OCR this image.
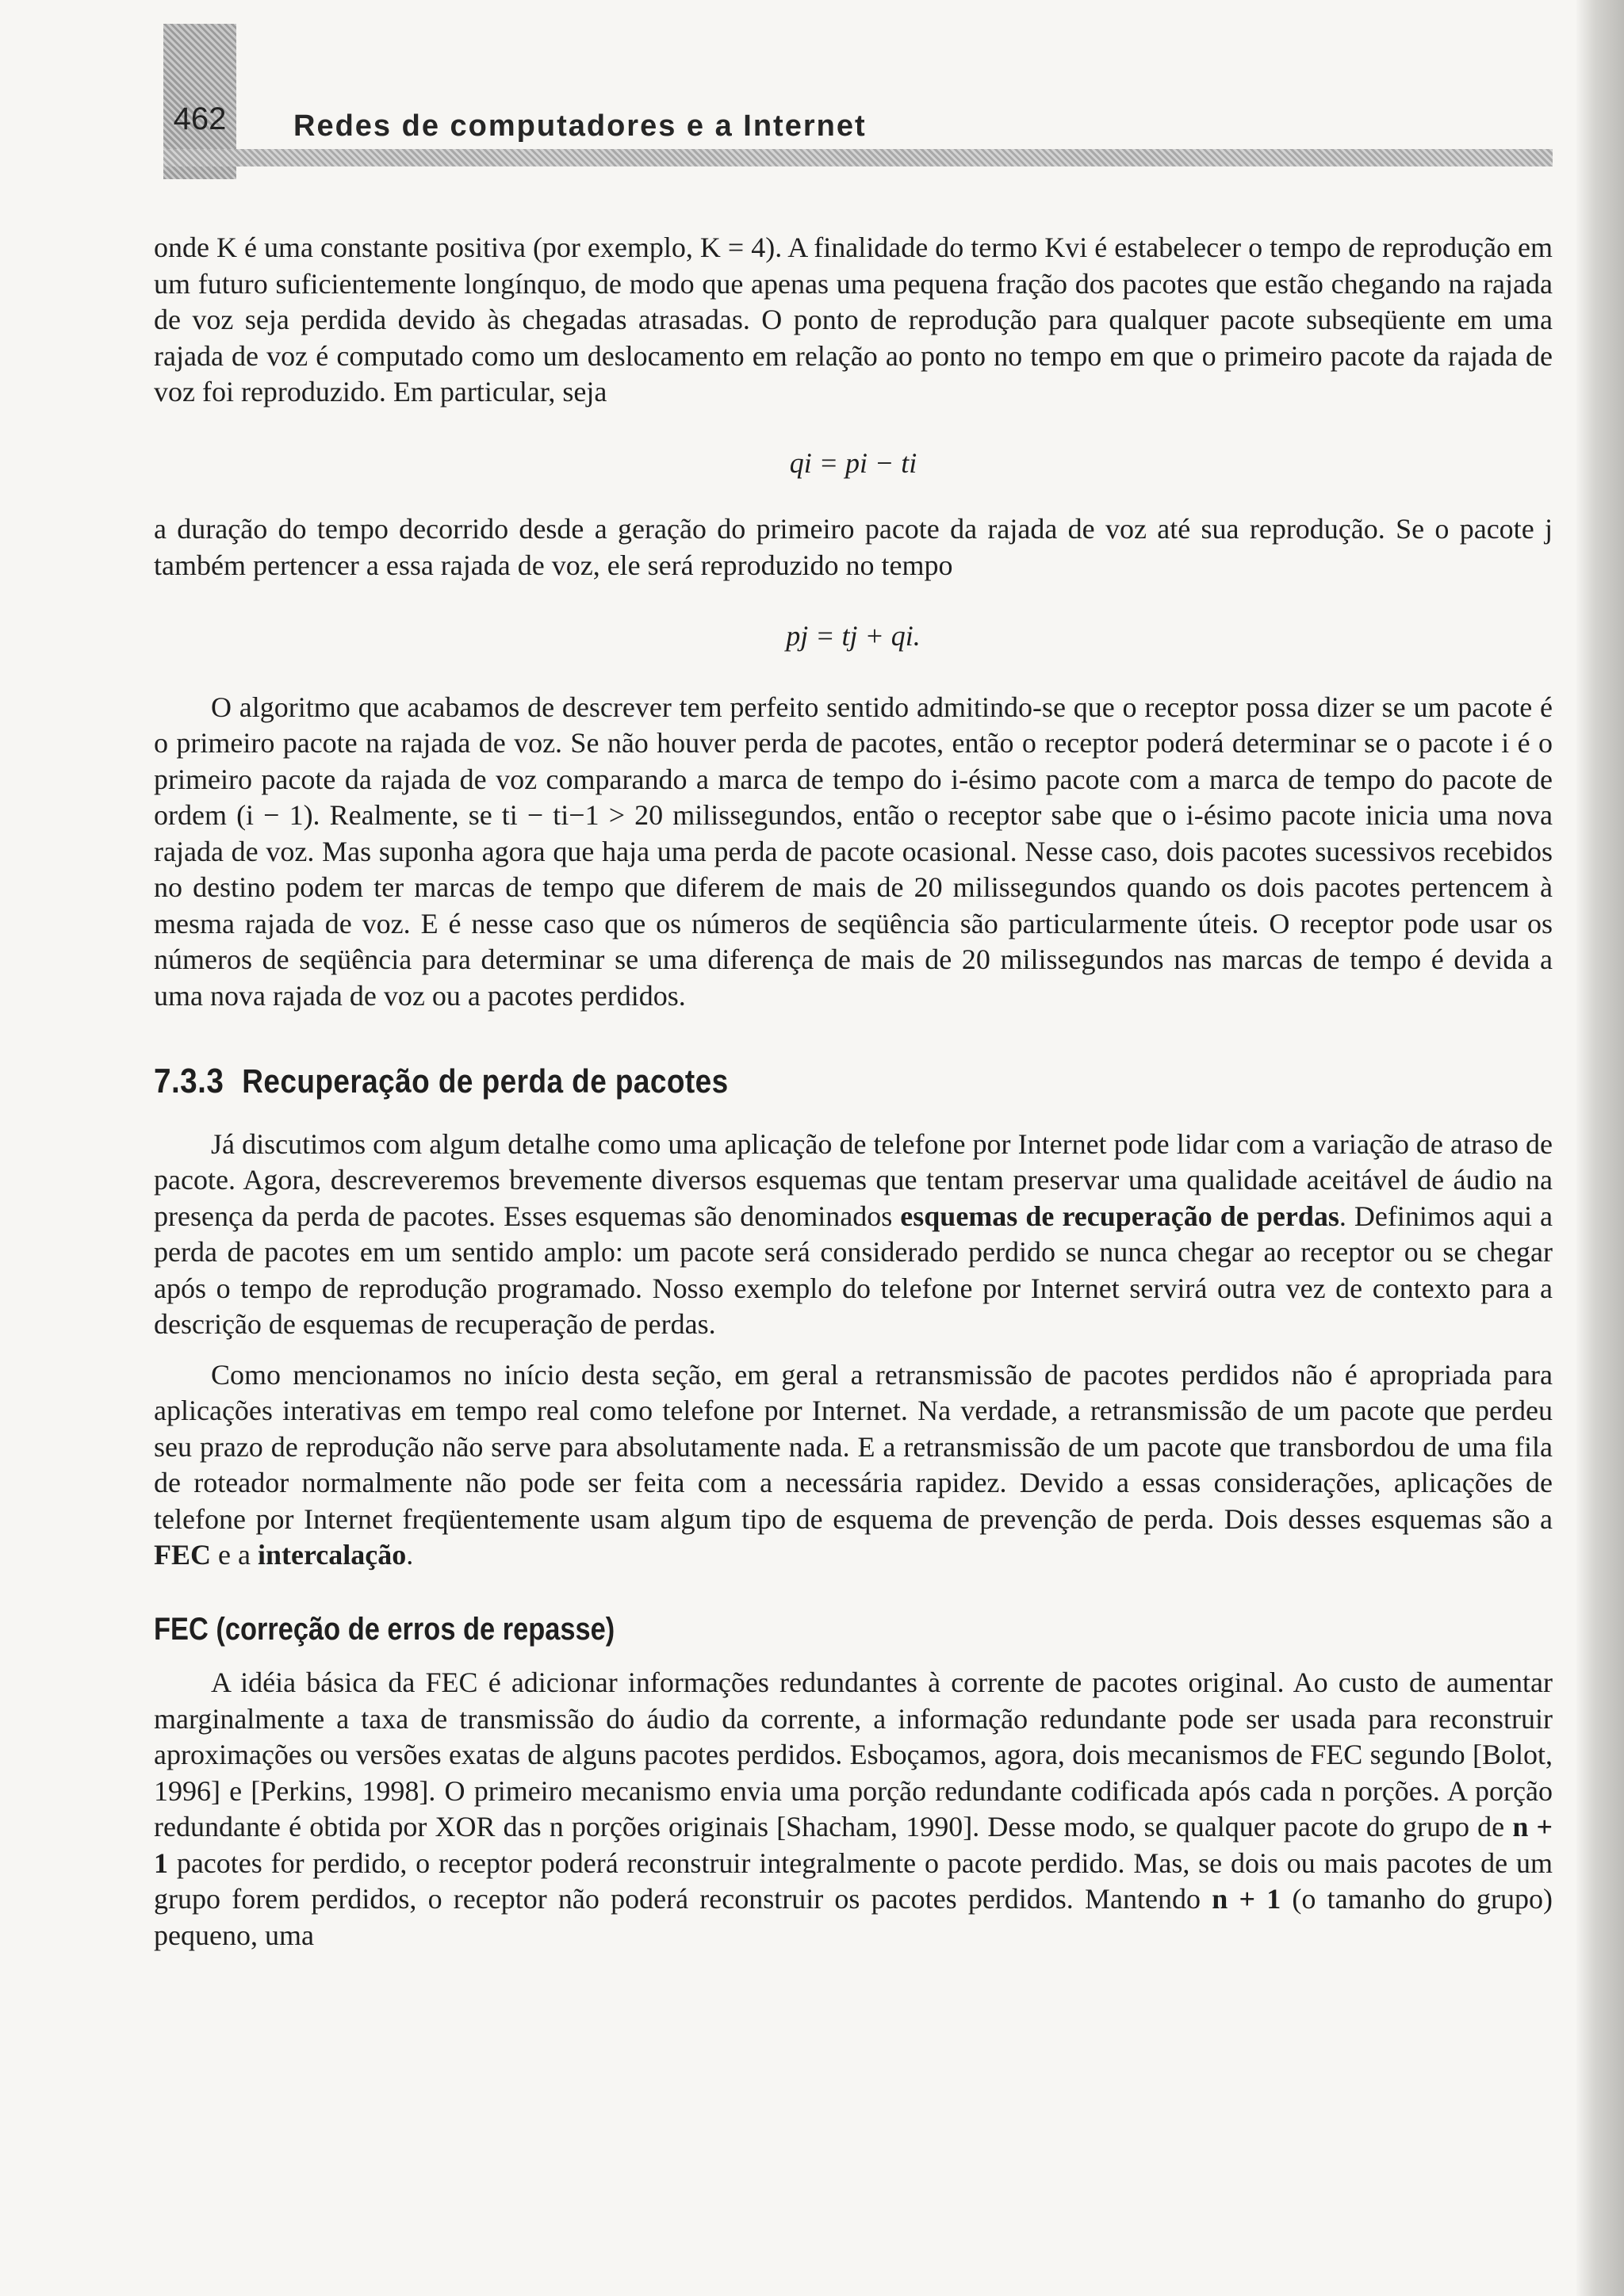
462	Redes de computadores e a Internet

onde K é uma constante positiva (por exemplo, K = 4). A finalidade do termo Kvi é estabelecer o tempo de reprodução em um futuro suficientemente longínquo, de modo que apenas uma pequena fração dos pacotes que estão chegando na rajada de voz seja perdida devido às chegadas atrasadas. O ponto de reprodução para qualquer pacote subseqüente em uma rajada de voz é computado como um deslocamento em relação ao ponto no tempo em que o primeiro pacote da rajada de voz foi reproduzido. Em particular, seja

qi = pi − ti

a duração do tempo decorrido desde a geração do primeiro pacote da rajada de voz até sua reprodução. Se o pacote j também pertencer a essa rajada de voz, ele será reproduzido no tempo

pj = tj + qi.

O algoritmo que acabamos de descrever tem perfeito sentido admitindo-se que o receptor possa dizer se um pacote é o primeiro pacote na rajada de voz. Se não houver perda de pacotes, então o receptor poderá determinar se o pacote i é o primeiro pacote da rajada de voz comparando a marca de tempo do i-ésimo pacote com a marca de tempo do pacote de ordem (i − 1). Realmente, se ti − ti−1 > 20 milissegundos, então o receptor sabe que o i-ésimo pacote inicia uma nova rajada de voz. Mas suponha agora que haja uma perda de pacote ocasional. Nesse caso, dois pacotes sucessivos recebidos no destino podem ter marcas de tempo que diferem de mais de 20 milissegundos quando os dois pacotes pertencem à mesma rajada de voz. E é nesse caso que os números de seqüência são particularmente úteis. O receptor pode usar os números de seqüência para determinar se uma diferença de mais de 20 milissegundos nas marcas de tempo é devida a uma nova rajada de voz ou a pacotes perdidos.

7.3.3 Recuperação de perda de pacotes

Já discutimos com algum detalhe como uma aplicação de telefone por Internet pode lidar com a variação de atraso de pacote. Agora, descreveremos brevemente diversos esquemas que tentam preservar uma qualidade aceitável de áudio na presença da perda de pacotes. Esses esquemas são denominados esquemas de recuperação de perdas. Definimos aqui a perda de pacotes em um sentido amplo: um pacote será considerado perdido se nunca chegar ao receptor ou se chegar após o tempo de reprodução programado. Nosso exemplo do telefone por Internet servirá outra vez de contexto para a descrição de esquemas de recuperação de perdas.

Como mencionamos no início desta seção, em geral a retransmissão de pacotes perdidos não é apropriada para aplicações interativas em tempo real como telefone por Internet. Na verdade, a retransmissão de um pacote que perdeu seu prazo de reprodução não serve para absolutamente nada. E a retransmissão de um pacote que transbordou de uma fila de roteador normalmente não pode ser feita com a necessária rapidez. Devido a essas considerações, aplicações de telefone por Internet freqüentemente usam algum tipo de esquema de prevenção de perda. Dois desses esquemas são a FEC e a intercalação.

FEC (correção de erros de repasse)

A idéia básica da FEC é adicionar informações redundantes à corrente de pacotes original. Ao custo de aumentar marginalmente a taxa de transmissão do áudio da corrente, a informação redundante pode ser usada para reconstruir aproximações ou versões exatas de alguns pacotes perdidos. Esboçamos, agora, dois mecanismos de FEC segundo [Bolot, 1996] e [Perkins, 1998]. O primeiro mecanismo envia uma porção redundante codificada após cada n porções. A porção redundante é obtida por XOR das n porções originais [Shacham, 1990]. Desse modo, se qualquer pacote do grupo de n + 1 pacotes for perdido, o receptor poderá reconstruir integralmente o pacote perdido. Mas, se dois ou mais pacotes de um grupo forem perdidos, o receptor não poderá reconstruir os pacotes perdidos. Mantendo n + 1 (o tamanho do grupo) pequeno, uma
